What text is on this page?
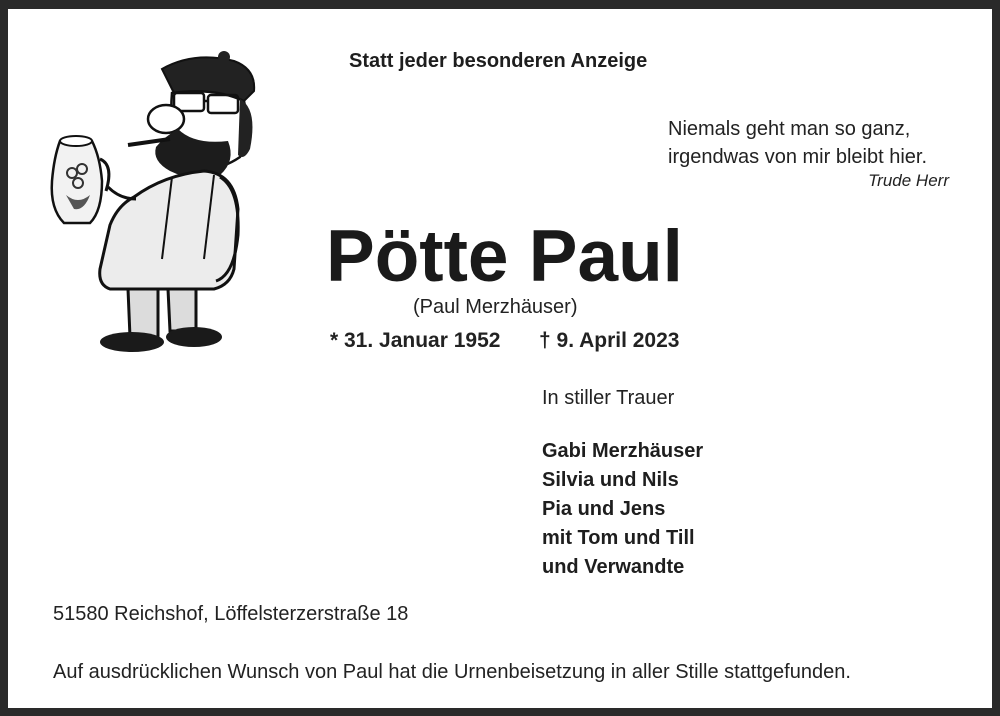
Statt jeder besonderen Anzeige
Niemals geht man so ganz,
irgendwas von mir bleibt hier.
Trude Herr
Pötte Paul
(Paul Merzhäuser)
* 31. Januar 1952 † 9. April 2023
In stiller Trauer
Gabi Merzhäuser
Silvia und Nils
Pia und Jens
mit Tom und Till
und Verwandte
51580 Reichshof, Löffelsterzerstraße 18
Auf ausdrücklichen Wunsch von Paul hat die Urnenbeisetzung in aller Stille stattgefunden.
